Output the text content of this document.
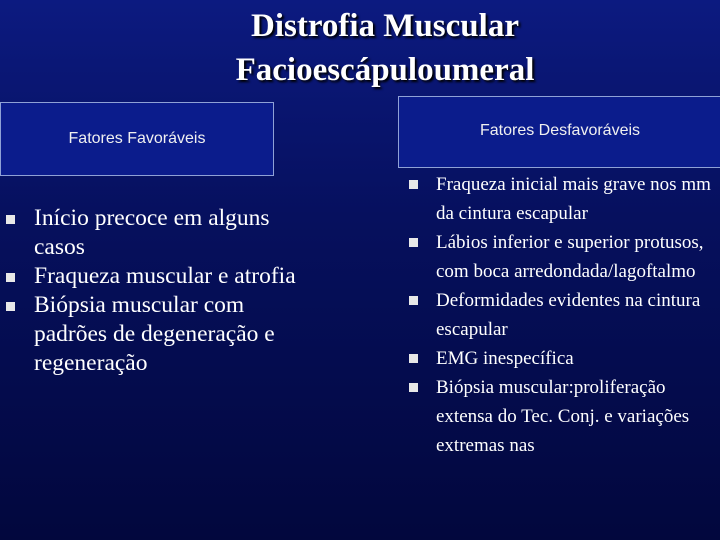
Distrofia Muscular
Facioescápuloumeral
Fatores Favoráveis	Fatores Desfavoráveis
Início precoce em alguns casos
Fraqueza muscular e atrofia
Biópsia muscular com padrões de degeneração e regeneração
Fraqueza inicial mais grave nos mm da cintura escapular
Lábios inferior e superior protusos, com boca arredondada/lagoftalmo
Deformidades evidentes na cintura escapular
EMG inespecífica
Biópsia muscular:proliferação extensa do Tec. Conj. e variações extremas nas
